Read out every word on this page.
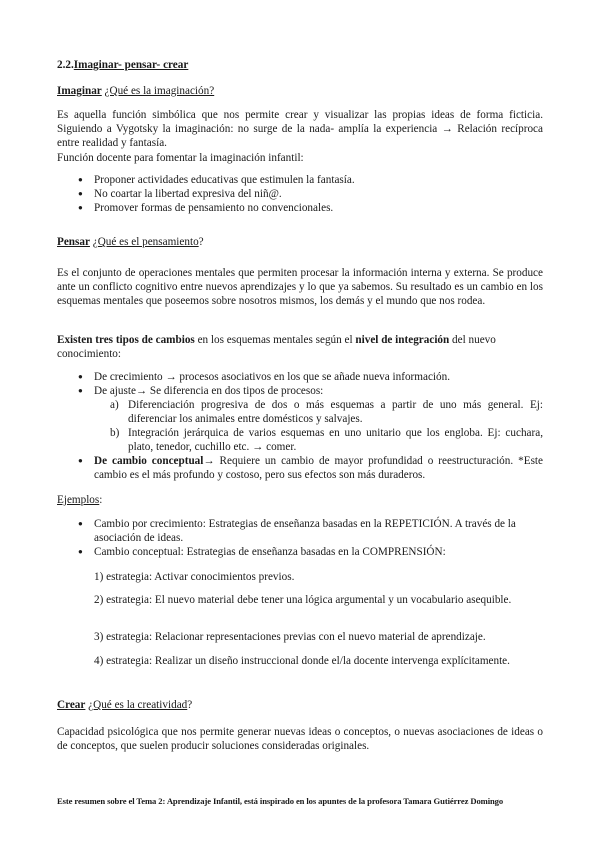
2.2.Imaginar- pensar- crear
Imaginar ¿Qué es la imaginación?
Es aquella función simbólica que nos permite crear y visualizar las propias ideas de forma ficticia. Siguiendo a Vygotsky la imaginación: no surge de la nada- amplía la experiencia → Relación recíproca entre realidad y fantasía.
Función docente para fomentar la imaginación infantil:
● Proponer actividades educativas que estimulen la fantasía.
● No coartar la libertad expresiva del niñ@.
● Promover formas de pensamiento no convencionales.
Pensar ¿Qué es el pensamiento?
Es el conjunto de operaciones mentales que permiten procesar la información interna y externa. Se produce ante un conflicto cognitivo entre nuevos aprendizajes y lo que ya sabemos. Su resultado es un cambio en los esquemas mentales que poseemos sobre nosotros mismos, los demás y el mundo que nos rodea.
Existen tres tipos de cambios en los esquemas mentales según el nivel de integración del nuevo conocimiento:
● De crecimiento → procesos asociativos en los que se añade nueva información.
● De ajuste→ Se diferencia en dos tipos de procesos:
a) Diferenciación progresiva de dos o más esquemas a partir de uno más general. Ej: diferenciar los animales entre domésticos y salvajes.
b) Integración jerárquica de varios esquemas en uno unitario que los engloba. Ej: cuchara, plato, tenedor, cuchillo etc. → comer.
● De cambio conceptual→ Requiere un cambio de mayor profundidad o reestructuración. *Este cambio es el más profundo y costoso, pero sus efectos son más duraderos.
Ejemplos:
● Cambio por crecimiento: Estrategias de enseñanza basadas en la REPETICIÓN. A través de la asociación de ideas.
● Cambio conceptual: Estrategias de enseñanza basadas en la COMPRENSIÓN:
1) estrategia: Activar conocimientos previos.
2) estrategia: El nuevo material debe tener una lógica argumental y un vocabulario asequible.
3) estrategia: Relacionar representaciones previas con el nuevo material de aprendizaje.
4) estrategia: Realizar un diseño instruccional donde el/la docente intervenga explícitamente.
Crear ¿Qué es la creatividad?
Capacidad psicológica que nos permite generar nuevas ideas o conceptos, o nuevas asociaciones de ideas o de conceptos, que suelen producir soluciones consideradas originales.
Este resumen sobre el Tema 2: Aprendizaje Infantil, está inspirado en los apuntes de la profesora Tamara Gutiérrez Domingo
